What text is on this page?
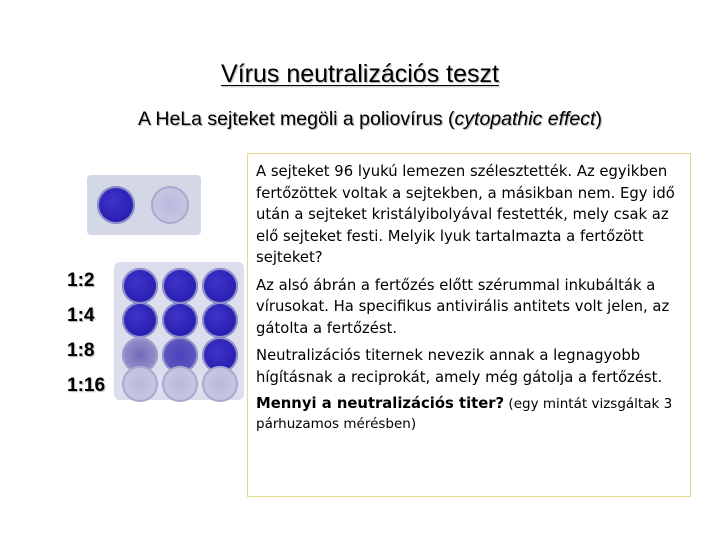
Vírus neutralizációs teszt
A HeLa sejteket megöli a poliovírus (cytopathic effect)
1:2
1:4
1:8
1:16

A sejteket 96 lyukú lemezen szélesztették. Az egyikben fertőzöttek voltak a sejtekben, a másikban nem. Egy idő után a sejteket kristályibolyával festették, mely csak az elő sejteket festi. Melyik lyuk tartalmazta a fertőzött sejteket?

Az alsó ábrán a fertőzés előtt szérummal inkubálták a vírusokat. Ha specifikus antivirális antitets volt jelen, az gátolta a fertőzést.

Neutralizációs titernek nevezik annak a legnagyobb hígításnak a reciprokát, amely még gátolja a fertőzést.

Mennyi a neutralizációs titer? (egy mintát vizsgáltak 3 párhuzamos mérésben)
